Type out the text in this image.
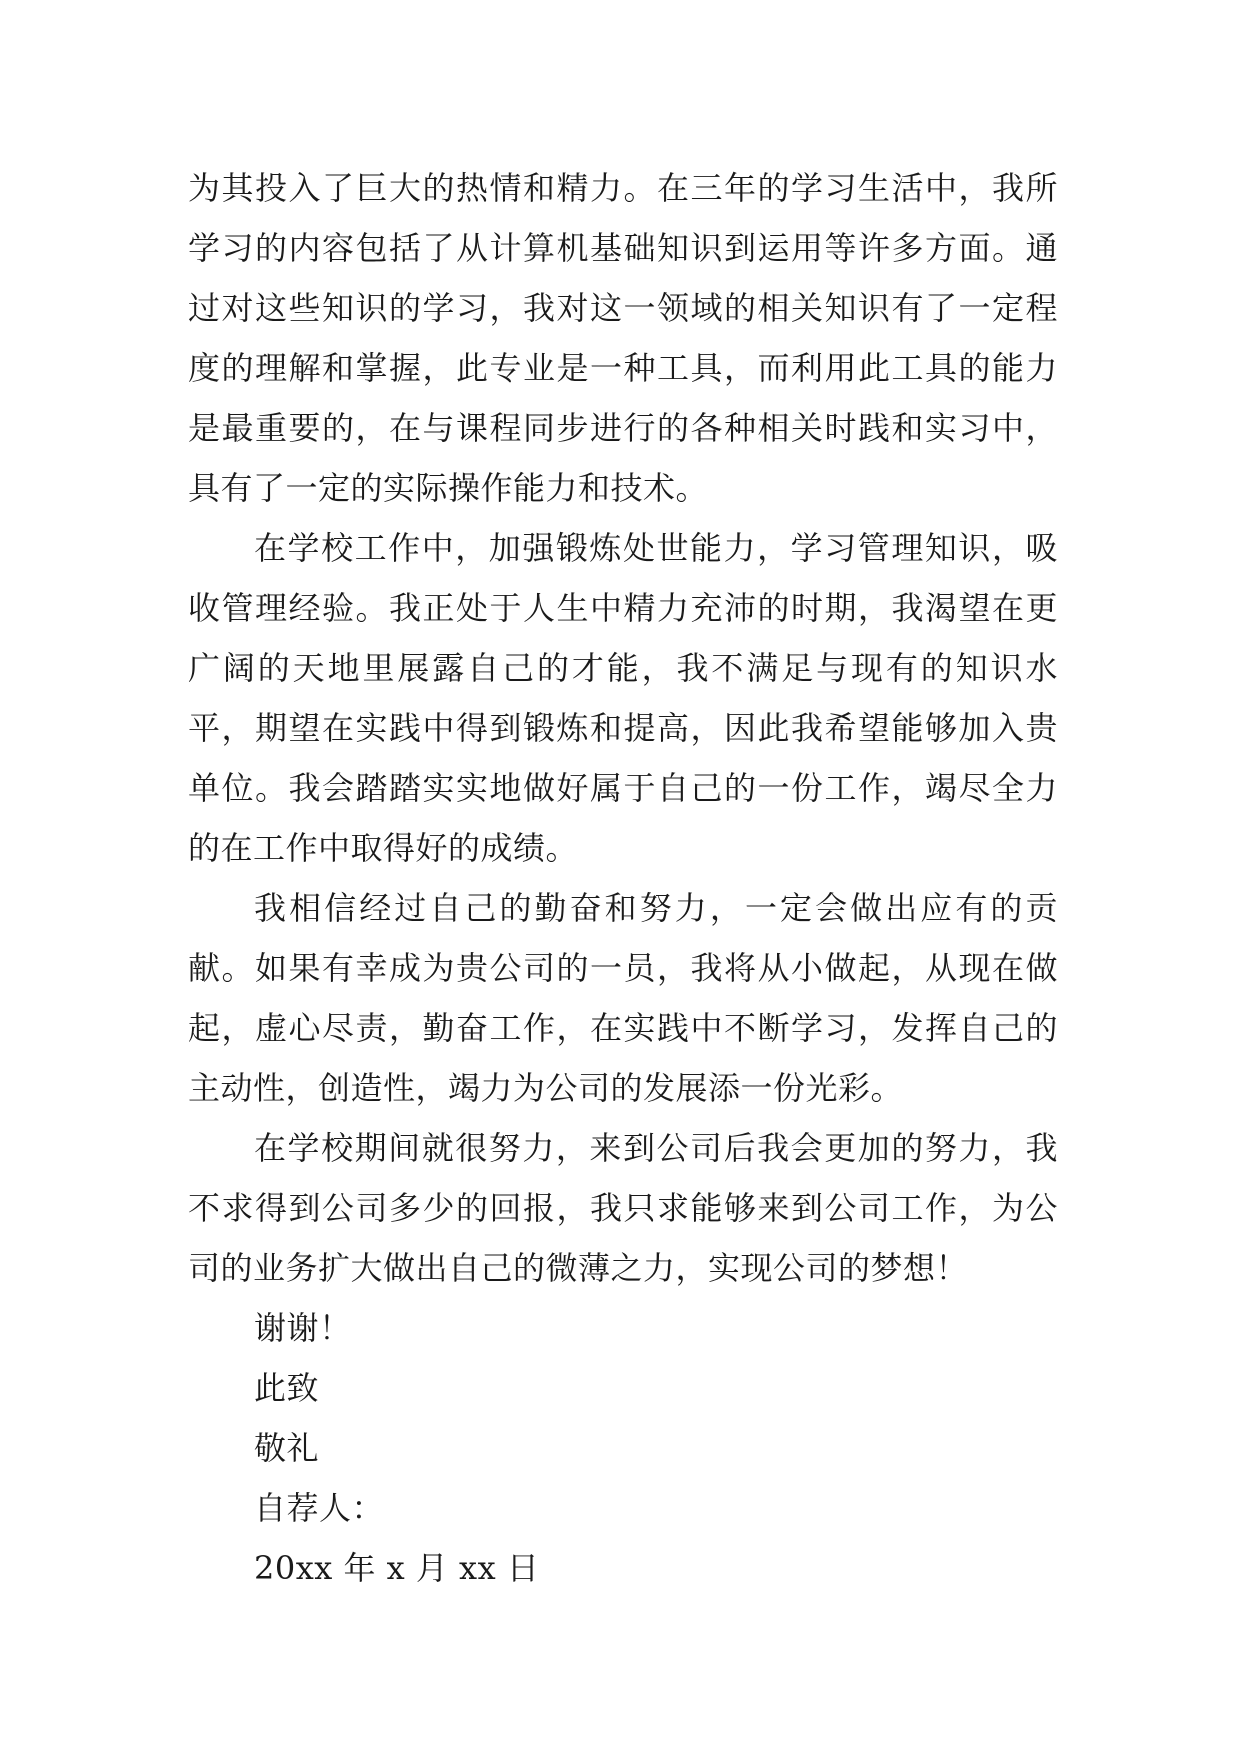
为其投入了巨大的热情和精力。在三年的学习生活中，我所学习的内容包括了从计算机基础知识到运用等许多方面。通过对这些知识的学习，我对这一领域的相关知识有了一定程度的理解和掌握，此专业是一种工具，而利用此工具的能力是最重要的，在与课程同步进行的各种相关时践和实习中，具有了一定的实际操作能力和技术。

在学校工作中，加强锻炼处世能力，学习管理知识，吸收管理经验。我正处于人生中精力充沛的时期，我渴望在更广阔的天地里展露自己的才能，我不满足与现有的知识水平，期望在实践中得到锻炼和提高，因此我希望能够加入贵单位。我会踏踏实实地做好属于自己的一份工作，竭尽全力的在工作中取得好的成绩。

我相信经过自己的勤奋和努力，一定会做出应有的贡献。如果有幸成为贵公司的一员，我将从小做起，从现在做起，虚心尽责，勤奋工作，在实践中不断学习，发挥自己的主动性，创造性，竭力为公司的发展添一份光彩。

在学校期间就很努力，来到公司后我会更加的努力，我不求得到公司多少的回报，我只求能够来到公司工作，为公司的业务扩大做出自己的微薄之力，实现公司的梦想！

谢谢！
此致
敬礼
自荐人：
20xx 年 x 月 xx 日
